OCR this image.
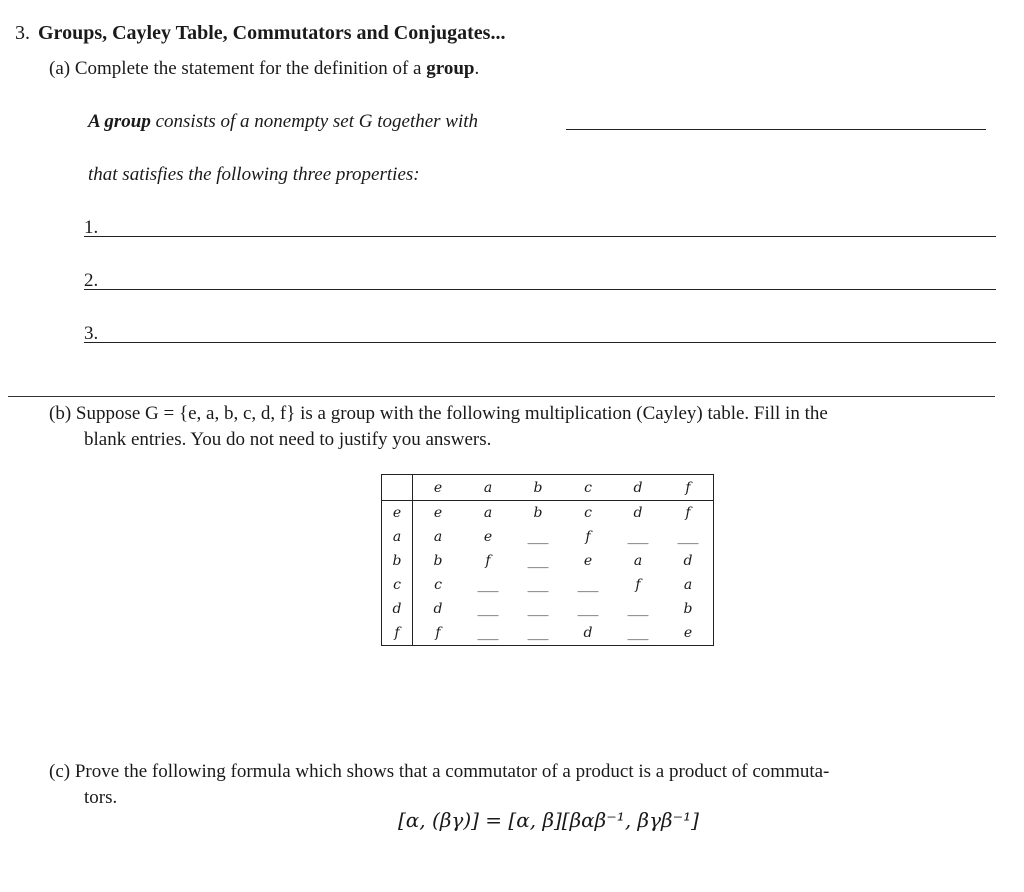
3. Groups, Cayley Table, Commutators and Conjugates...
(a) Complete the statement for the definition of a group.
A group consists of a nonempty set G together with
that satisfies the following three properties:
1.
2.
3.
(b) Suppose G = {e, a, b, c, d, f} is a group with the following multiplication (Cayley) table. Fill in the
blank entries. You do not need to justify you answers.
	e	a	b	c	d	f
e	e	a	b	c	d	f
a	a	e	___	f	___	___
b	b	f	___	e	a	d
c	c	___	___	___	f	a
d	d	___	___	___	___	b
f	f	___	___	d	___	e
(c) Prove the following formula which shows that a commutator of a product is a product of commuta-
tors.
[α, (βγ)] = [α, β][βαβ⁻¹, βγβ⁻¹]
